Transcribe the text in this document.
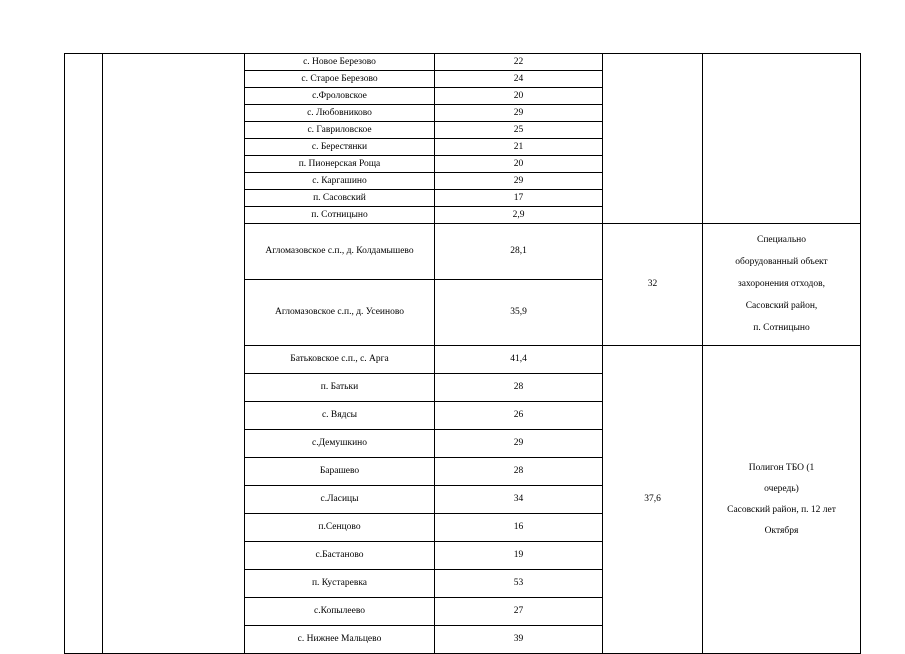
		с. Новое Березово	22		
		с. Старое Березово	24		
		с.Фроловское	20		
		с. Любовниково	29		
		с. Гавриловское	25		
		с. Берестянки	21		
		п. Пионерская Роща	20		
		с. Каргашино	29		
		п. Сасовский	17		
		п. Сотницыно	2,9		
		Агломазовское с.п., д. Колдамышево	28,1	32	Специально

оборудованный объект

захоронения отходов,

Сасовский район,

п. Сотницыно

		Агломазовское с.п., д. Усеиново	35,9		
		Батьковское с.п., с. Арга	41,4	37,6	Полигон ТБО (1

очередь)

Сасовский район, п. 12 лет

Октября

		п. Батьки	28		
		с. Вядсы	26		
		с.Демушкино	29		
		Барашево	28		
		с.Ласицы	34		
		п.Сенцово	16		
		с.Бастаново	19		
		п. Кустаревка	53		
		с.Копылеево	27		
		с. Нижнее Мальцево	39		
